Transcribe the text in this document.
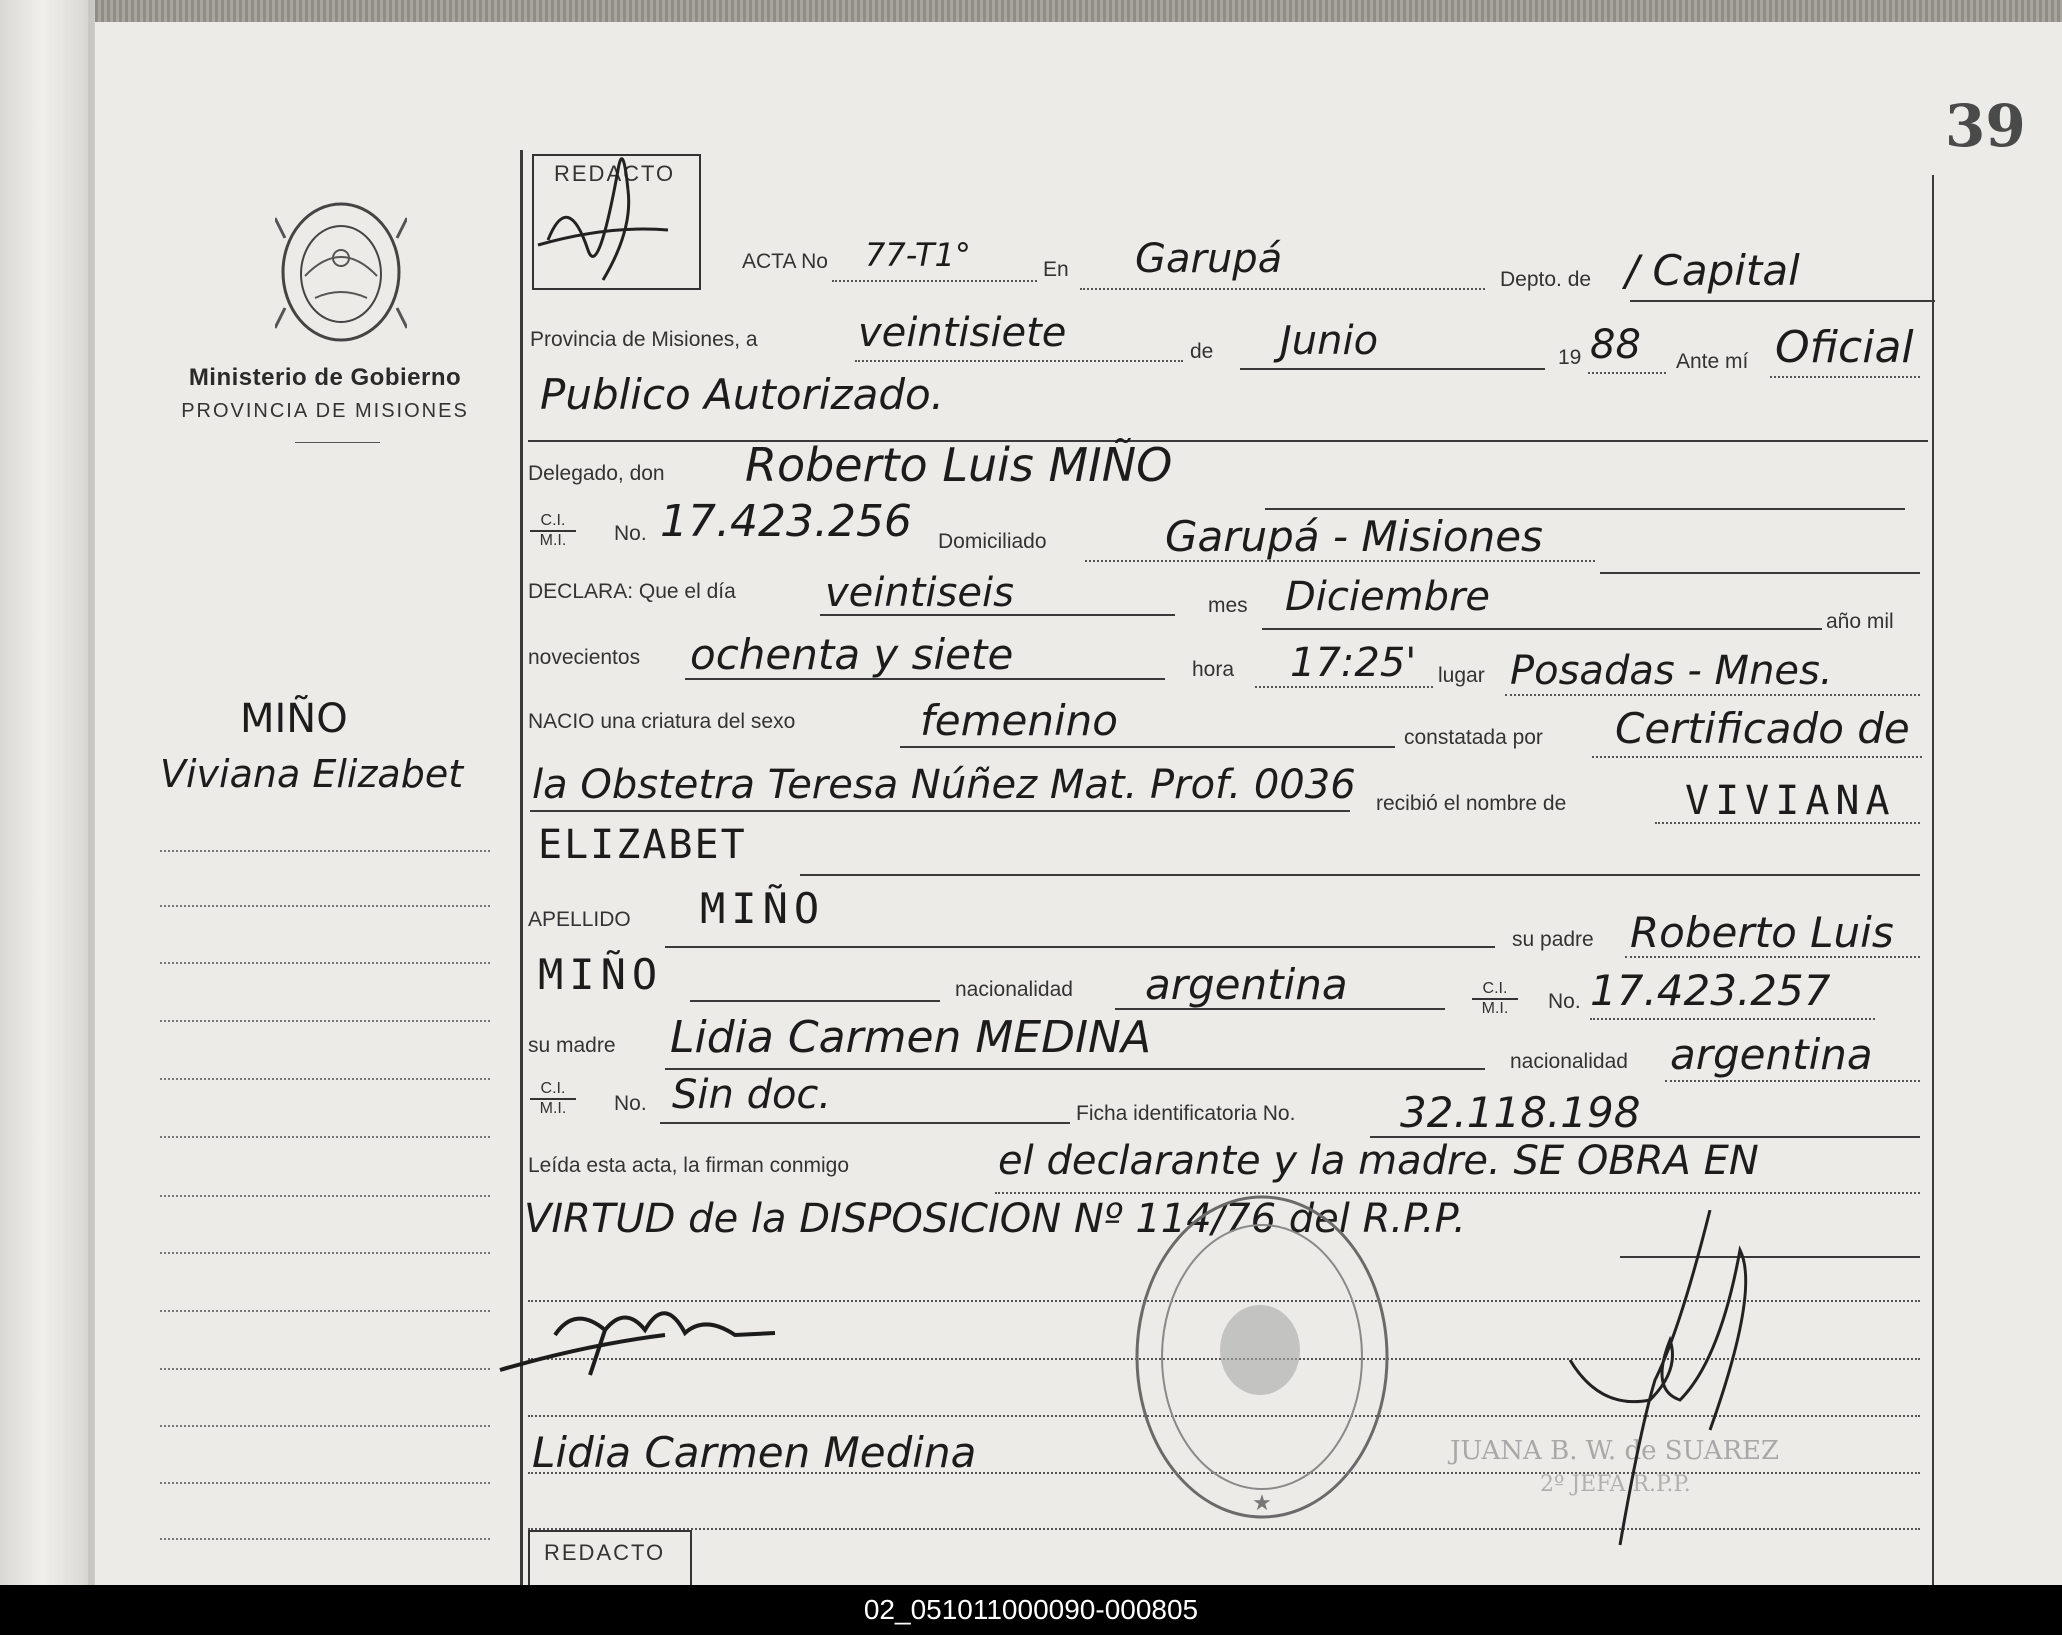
39
Ministerio de Gobierno
PROVINCIA DE MISIONES
REDACTO
MIÑO
Viviana Elizabet
ACTA No 77-T1°	En Garupá	Depto. de / Capital
Provincia de Misiones, a	veintisiete	de Junio	19 88 Ante mí Oficial
Publico Autorizado.
Delegado, don Roberto Luis MIÑO
$\frac{C.I.}{M.I.} No$. 17.423.256 Domiciliado	Garupá - Misiones
DECLARA: Que el día veintiseis	mes Diciembre
año mil
novecientos ochenta y siete	hora 17:25' lugar Posadas - Mnes.
NACIO una criatura del sexo	femenino	constatada por Certificado de
la Obstetra Teresa Núñez Mat. Prof. 0036 recibió el nombre de	VIVIANA
ELIZABET
APELLIDO MIÑO
su padre Roberto Luis
MIÑO	nacionalidad argentina	$\frac{C.I.}{M.I.} No$. 17.423.257
su madre Lidia Carmen MEDINA	nacionalidad argentina
$\frac{C.I.}{M.I.} No$. Sin doc.	Ficha identificatoria No. 32.118.198
Leída esta acta, la firman conmigo	el declarante y la madre. SE OBRA EN
VIRTUD de la DISPOSICION Nº 114/76 del R.P.P.
Lidia Carmen Medina
★
JUANA B. W. de SUAREZ
2º JEFA R.P.P.
REDACTO
02_051011000090-000805
